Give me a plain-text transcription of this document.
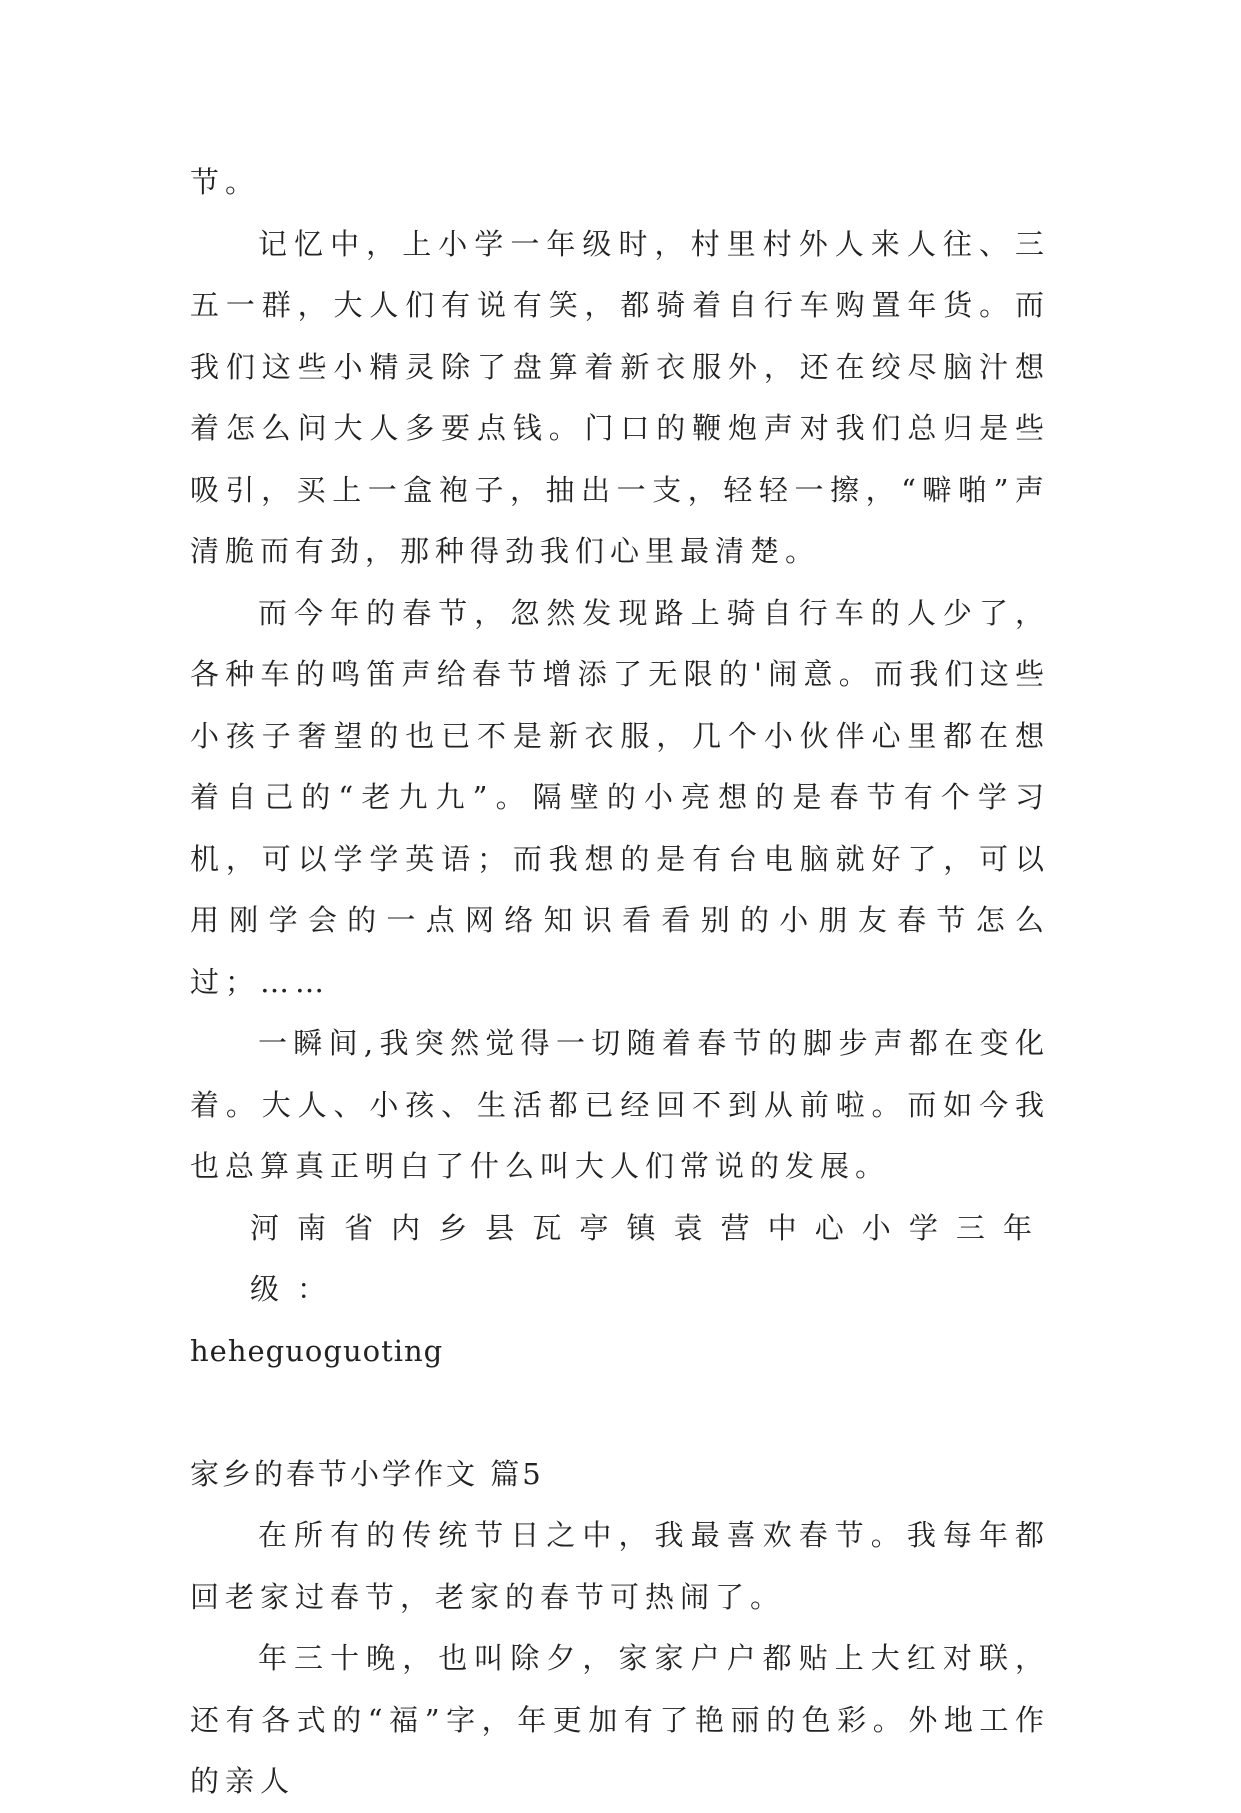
节。

记忆中，上小学一年级时，村里村外人来人往、三五一群，大人们有说有笑，都骑着自行车购置年货。而我们这些小精灵除了盘算着新衣服外，还在绞尽脑汁想着怎么问大人多要点钱。门口的鞭炮声对我们总归是些吸引，买上一盒袍子，抽出一支，轻轻一擦，“噼啪”声清脆而有劲，那种得劲我们心里最清楚。

而今年的春节，忽然发现路上骑自行车的人少了，各种车的鸣笛声给春节增添了无限的'闹意。而我们这些小孩子奢望的也已不是新衣服，几个小伙伴心里都在想着自己的“老九九”。隔壁的小亮想的是春节有个学习机，可以学学英语；而我想的是有台电脑就好了，可以用刚学会的一点网络知识看看别的小朋友春节怎么过；……

一瞬间,我突然觉得一切随着春节的脚步声都在变化着。大人、小孩、生活都已经回不到从前啦。而如今我也总算真正明白了什么叫大人们常说的发展。

河南省内乡县瓦亭镇袁营中心小学三年级：

heheguoguoting

家乡的春节小学作文 篇5

在所有的传统节日之中，我最喜欢春节。我每年都回老家过春节，老家的春节可热闹了。

年三十晚，也叫除夕，家家户户都贴上大红对联，还有各式的“福”字，年更加有了艳丽的色彩。外地工作的亲人
